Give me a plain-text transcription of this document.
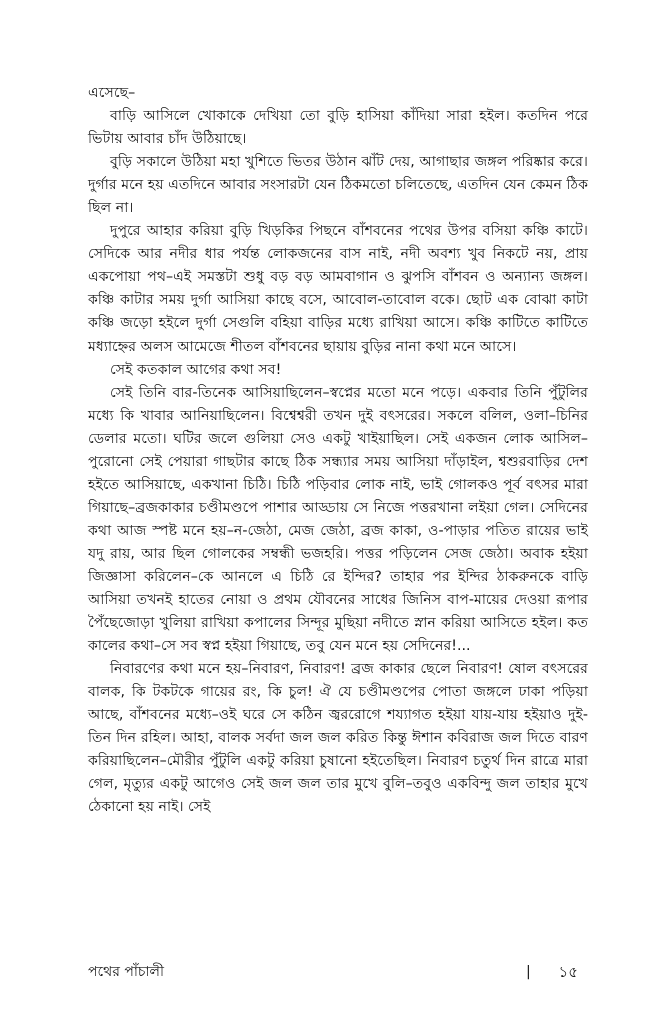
এসেছে–

বাড়ি আসিলে খোকাকে দেখিয়া তো বুড়ি হাসিয়া কাঁদিয়া সারা হইল। কতদিন পরে ভিটায় আবার চাঁদ উঠিয়াছে।

বুড়ি সকালে উঠিয়া মহা খুশিতে ভিতর উঠান ঝাঁট দেয়, আগাছার জঙ্গল পরিষ্কার করে। দুর্গার মনে হয় এতদিনে আবার সংসারটা যেন ঠিকমতো চলিতেছে, এতদিন যেন কেমন ঠিক ছিল না।

দুপুরে আহার করিয়া বুড়ি খিড়কির পিছনে বাঁশবনের পথের উপর বসিয়া কঞ্চি কাটে। সেদিকে আর নদীর ধার পর্যন্ত লোকজনের বাস নাই, নদী অবশ্য খুব নিকটে নয়, প্রায় একপোয়া পথ–এই সমস্তটা শুধু বড় বড় আমবাগান ও ঝুপসি বাঁশবন ও অন্যান্য জঙ্গল। কঞ্চি কাটার সময় দুর্গা আসিয়া কাছে বসে, আবোল-তাবোল বকে। ছোট এক বোঝা কাটা কঞ্চি জড়ো হইলে দুর্গা সেগুলি বহিয়া বাড়ির মধ্যে রাখিয়া আসে। কঞ্চি কাটিতে কাটিতে মধ্যাহ্নের অলস আমেজে শীতল বাঁশবনের ছায়ায় বুড়ির নানা কথা মনে আসে।

সেই কতকাল আগের কথা সব!

সেই তিনি বার-তিনেক আসিয়াছিলেন–স্বপ্নের মতো মনে পড়ে। একবার তিনি পুঁটুলির মধ্যে কি খাবার আনিয়াছিলেন। বিশ্বেশ্বরী তখন দুই বৎসরের। সকলে বলিল, ওলা–চিনির ডেলার মতো। ঘটির জলে গুলিয়া সেও একটু খাইয়াছিল। সেই একজন লোক আসিল–পুরোনো সেই পেয়ারা গাছটার কাছে ঠিক সন্ধ্যার সময় আসিয়া দাঁড়াইল, শ্বশুরবাড়ির দেশ হইতে আসিয়াছে, একখানা চিঠি। চিঠি পড়িবার লোক নাই, ভাই গোলকও পূর্ব বৎসর মারা গিয়াছে–ব্রজকাকার চণ্ডীমণ্ডপে পাশার আড্ডায় সে নিজে পত্তরখানা লইয়া গেল। সেদিনের কথা আজ স্পষ্ট মনে হয়–ন-জেঠা, মেজ জেঠা, ব্রজ কাকা, ও-পাড়ার পতিত রায়ের ভাই যদু রায়, আর ছিল গোলকের সম্বন্ধী ভজহরি। পত্তর পড়িলেন সেজ জেঠা। অবাক হইয়া জিজ্ঞাসা করিলেন–কে আনলে এ চিঠি রে ইন্দির? তাহার পর ইন্দির ঠাকরুনকে বাড়ি আসিয়া তখনই হাতের নোয়া ও প্রথম যৌবনের সাধের জিনিস বাপ-মায়ের দেওয়া রূপার পৈঁছেজোড়া খুলিয়া রাখিয়া কপালের সিন্দূর মুছিয়া নদীতে স্নান করিয়া আসিতে হইল। কত কালের কথা–সে সব স্বপ্ন হইয়া গিয়াছে, তবু যেন মনে হয় সেদিনের!...

নিবারণের কথা মনে হয়–নিবারণ, নিবারণ! ব্রজ কাকার ছেলে নিবারণ! ষোল বৎসরের বালক, কি টকটকে গায়ের রং, কি চুল! ঐ যে চণ্ডীমণ্ডপের পোতা জঙ্গলে ঢাকা পড়িয়া আছে, বাঁশবনের মধ্যে–ওই ঘরে সে কঠিন জ্বররোগে শয্যাগত হইয়া যায়-যায় হইয়াও দুই-তিন দিন রহিল। আহা, বালক সর্বদা জল জল করিত কিন্তু ঈশান কবিরাজ জল দিতে বারণ করিয়াছিলেন–মৌরীর পুঁটুলি একটু করিয়া চুষানো হইতেছিল। নিবারণ চতুর্থ দিন রাত্রে মারা গেল, মৃত্যুর একটু আগেও সেই জল জল তার মুখে বুলি–তবুও একবিন্দু জল তাহার মুখে ঠেকানো হয় নাই। সেই

পথের পাঁচালী	| ১৫
